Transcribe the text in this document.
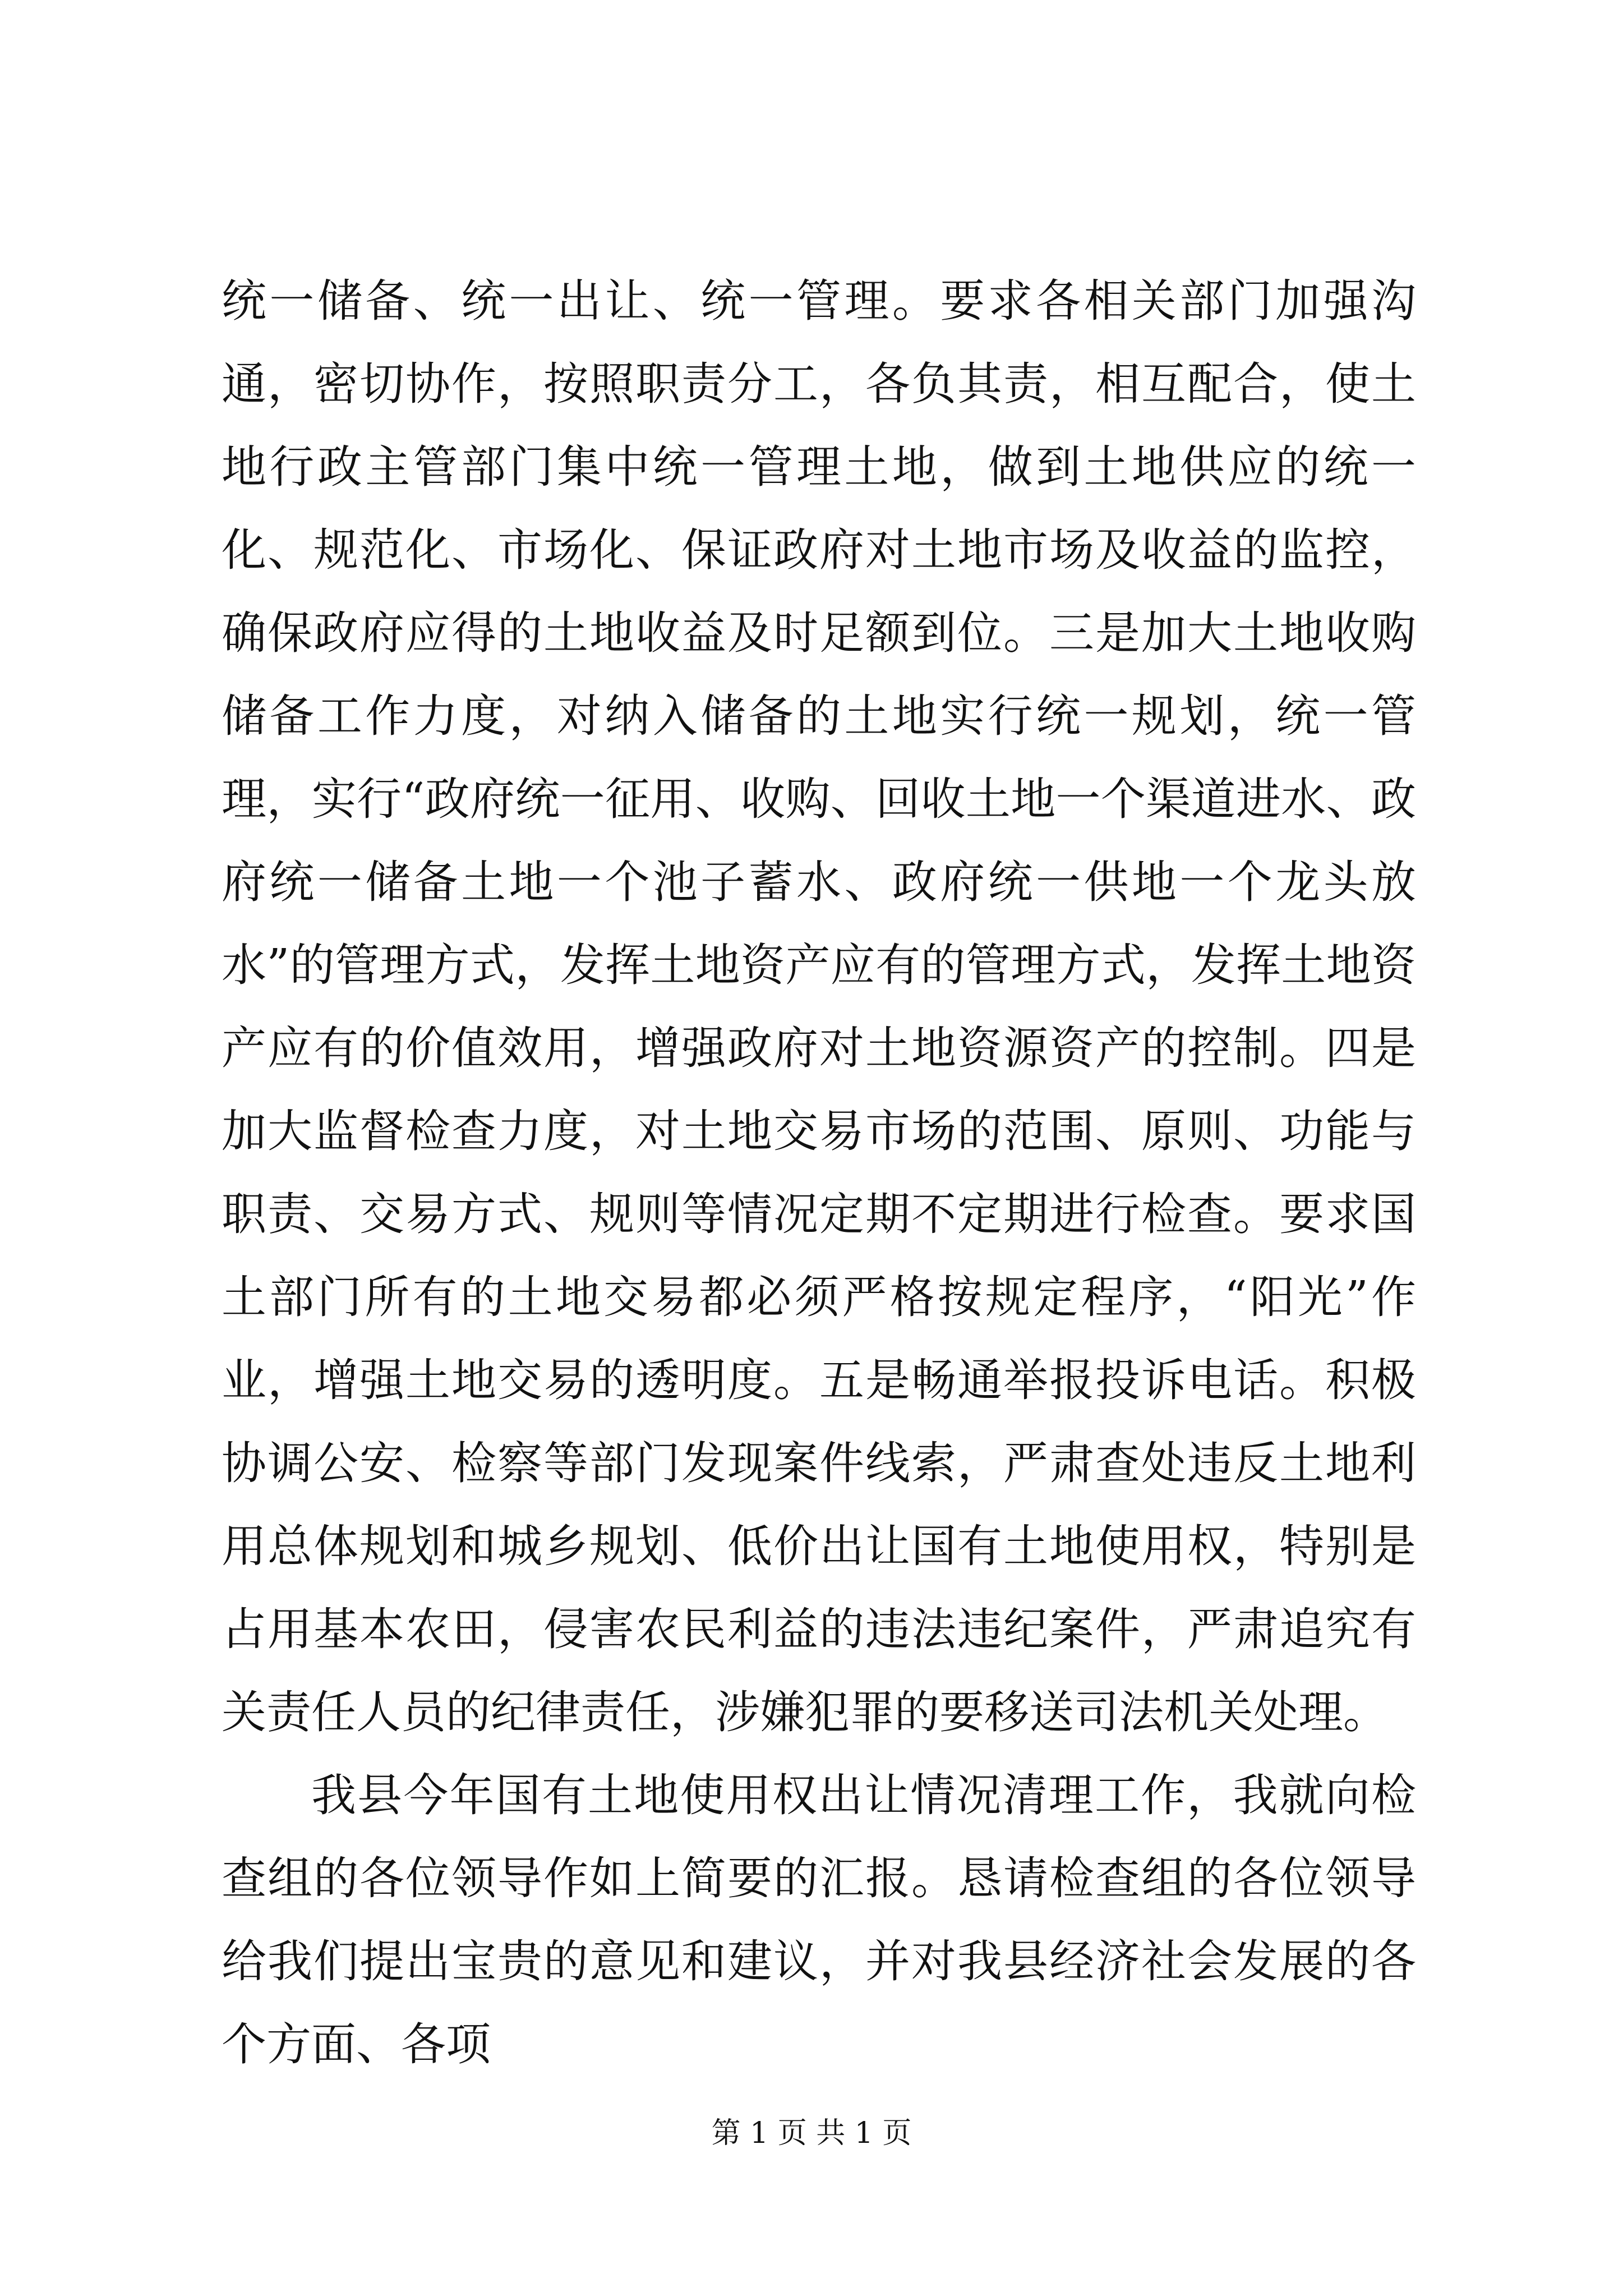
统一储备、统一出让、统一管理。要求各相关部门加强沟通，密切协作，按照职责分工，各负其责，相互配合，使土地行政主管部门集中统一管理土地，做到土地供应的统一化、规范化、市场化、保证政府对土地市场及收益的监控，确保政府应得的土地收益及时足额到位。三是加大土地收购储备工作力度，对纳入储备的土地实行统一规划，统一管理，实行“政府统一征用、收购、回收土地一个渠道进水、政府统一储备土地一个池子蓄水、政府统一供地一个龙头放水”的管理方式，发挥土地资产应有的管理方式，发挥土地资产应有的价值效用，增强政府对土地资源资产的控制。四是加大监督检查力度，对土地交易市场的范围、原则、功能与职责、交易方式、规则等情况定期不定期进行检查。要求国土部门所有的土地交易都必须严格按规定程序，“阳光”作业，增强土地交易的透明度。五是畅通举报投诉电话。积极协调公安、检察等部门发现案件线索，严肃查处违反土地利用总体规划和城乡规划、低价出让国有土地使用权，特别是占用基本农田，侵害农民利益的违法违纪案件，严肃追究有关责任人员的纪律责任，涉嫌犯罪的要移送司法机关处理。

我县今年国有土地使用权出让情况清理工作，我就向检查组的各位领导作如上简要的汇报。恳请检查组的各位领导给我们提出宝贵的意见和建议，并对我县经济社会发展的各个方面、各项

第 1 页 共 1 页
